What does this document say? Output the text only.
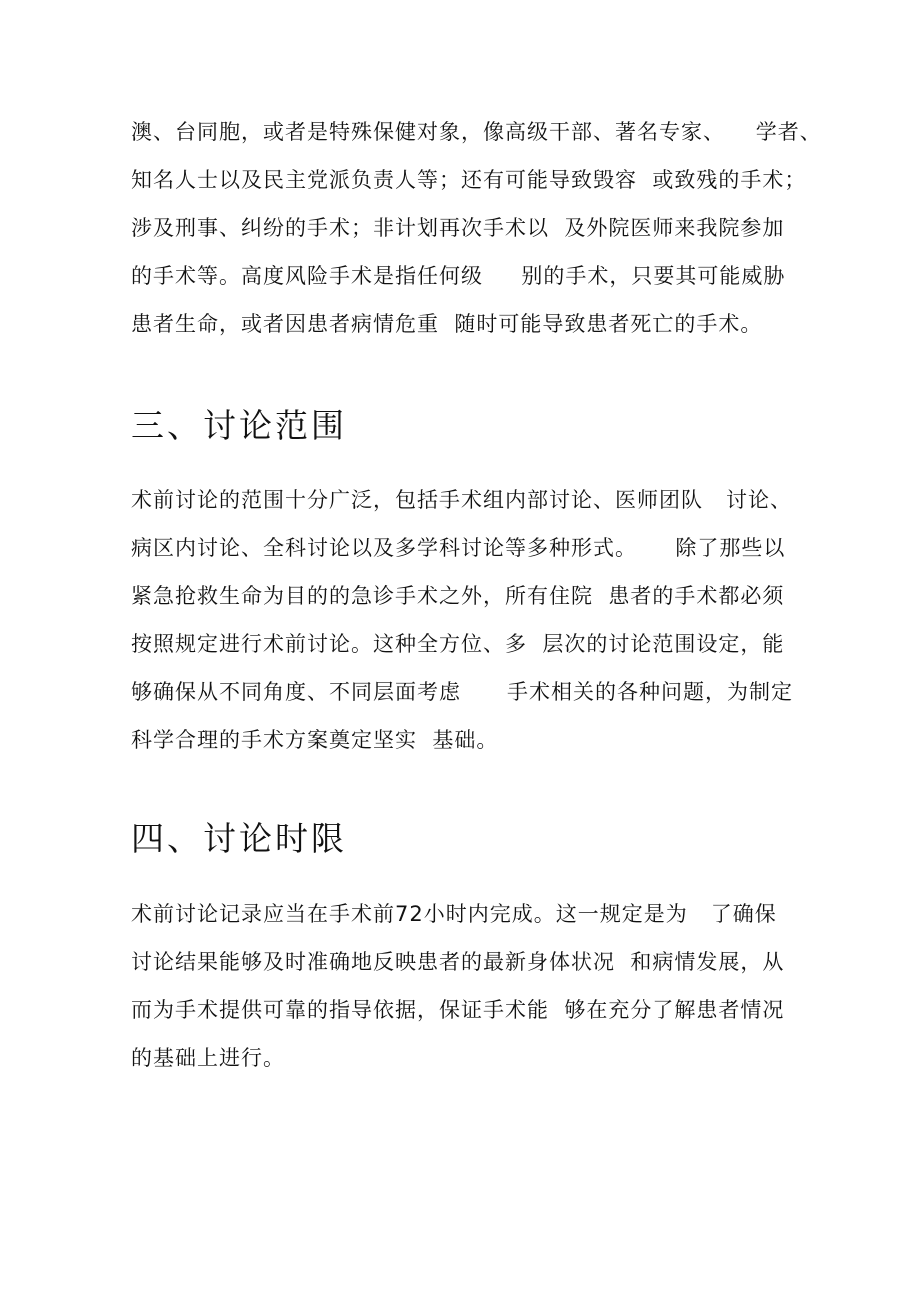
澳、台同胞，或者是特殊保健对象，像高级干部、著名专家、    学者、
知名人士以及民主党派负责人等；还有可能导致毁容  或致残的手术；
涉及刑事、纠纷的手术；非计划再次手术以  及外院医师来我院参加
的手术等。高度风险手术是指任何级     别的手术，只要其可能威胁
患者生命，或者因患者病情危重  随时可能导致患者死亡的手术。
三、讨论范围
术前讨论的范围十分广泛，包括手术组内部讨论、医师团队   讨论、
病区内讨论、全科讨论以及多学科讨论等多种形式。     除了那些以
紧急抢救生命为目的的急诊手术之外，所有住院  患者的手术都必须
按照规定进行术前讨论。这种全方位、多  层次的讨论范围设定，能
够确保从不同角度、不同层面考虑      手术相关的各种问题，为制定
科学合理的手术方案奠定坚实  基础。
四、讨论时限
术前讨论记录应当在手术前72小时内完成。这一规定是为   了确保
讨论结果能够及时准确地反映患者的最新身体状况  和病情发展，从
而为手术提供可靠的指导依据，保证手术能  够在充分了解患者情况
的基础上进行。
